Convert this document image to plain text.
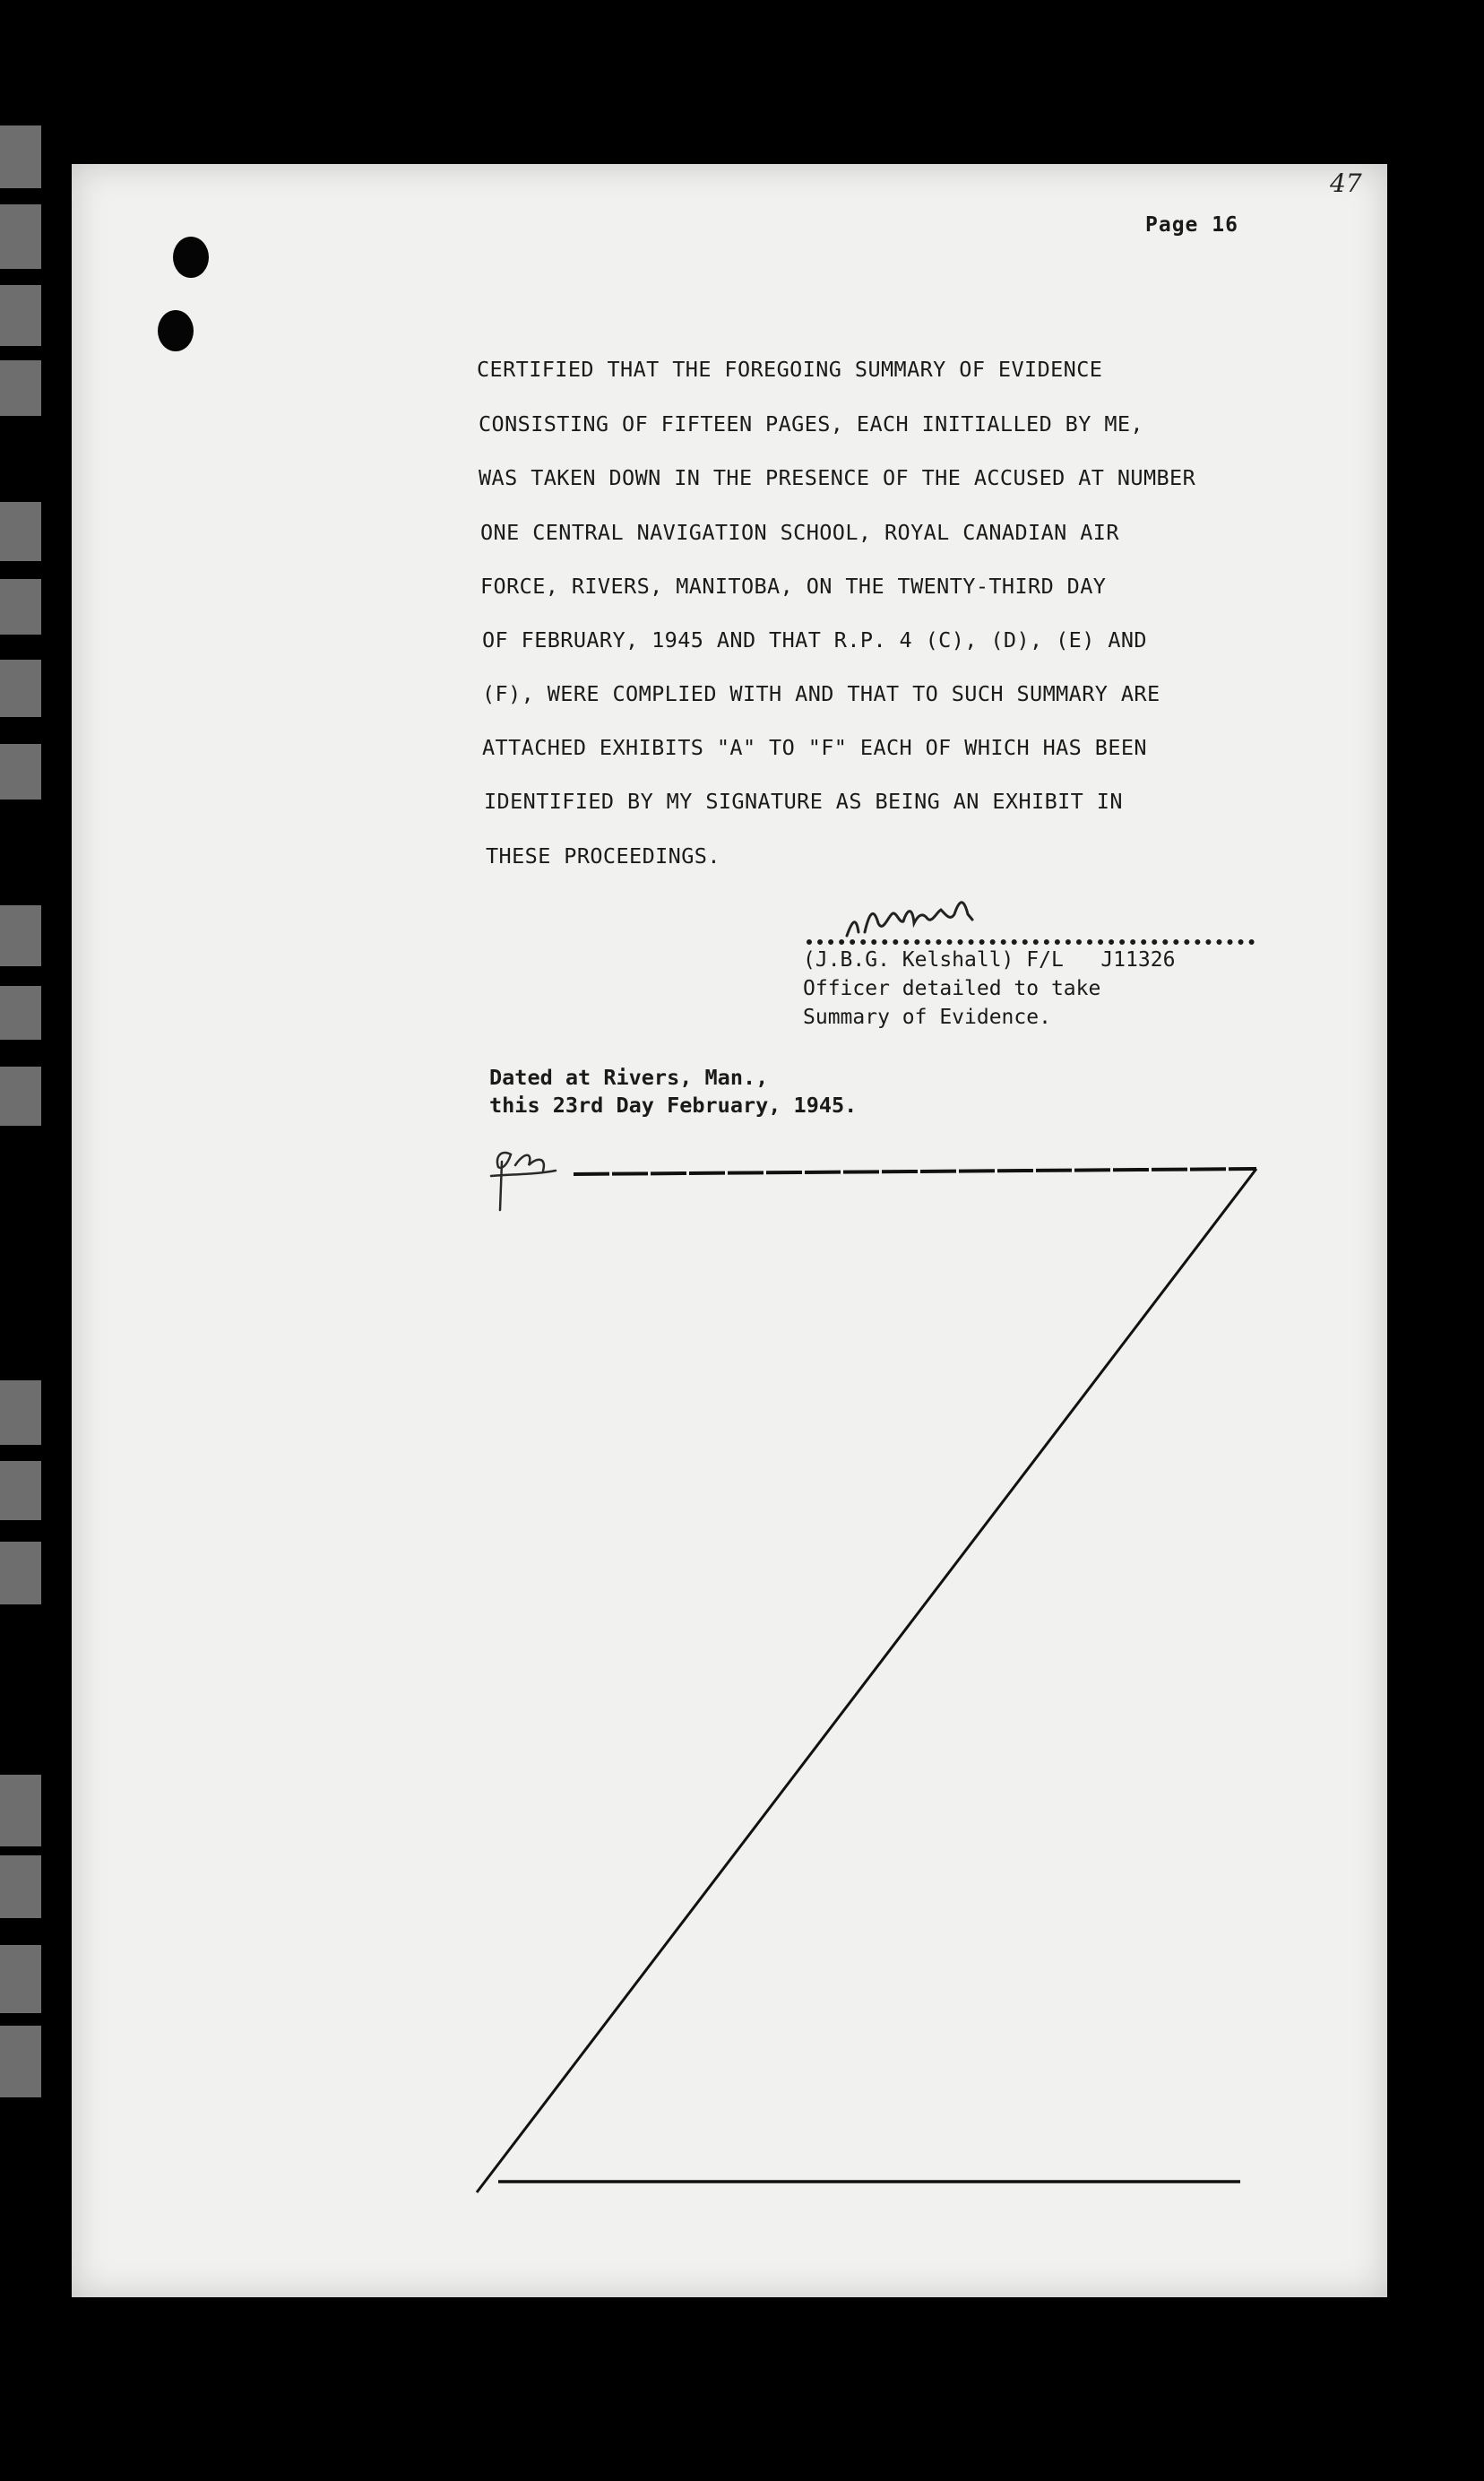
47

Page 16

CERTIFIED THAT THE FOREGOING SUMMARY OF EVIDENCE

CONSISTING OF FIFTEEN PAGES, EACH INITIALLED BY ME,

WAS TAKEN DOWN IN THE PRESENCE OF THE ACCUSED AT NUMBER

ONE CENTRAL NAVIGATION SCHOOL, ROYAL CANADIAN AIR

FORCE, RIVERS, MANITOBA, ON THE TWENTY-THIRD DAY

OF FEBRUARY, 1945 AND THAT R.P. 4 (C), (D), (E) AND

(F), WERE COMPLIED WITH AND THAT TO SUCH SUMMARY ARE

ATTACHED EXHIBITS "A" TO "F" EACH OF WHICH HAS BEEN

IDENTIFIED BY MY SIGNATURE AS BEING AN EXHIBIT IN

THESE PROCEEDINGS.

(J.B.G. Kelshall) F/L   J11326

Officer detailed to take

Summary of Evidence.

Dated at Rivers, Man.,

this 23rd Day February, 1945.
